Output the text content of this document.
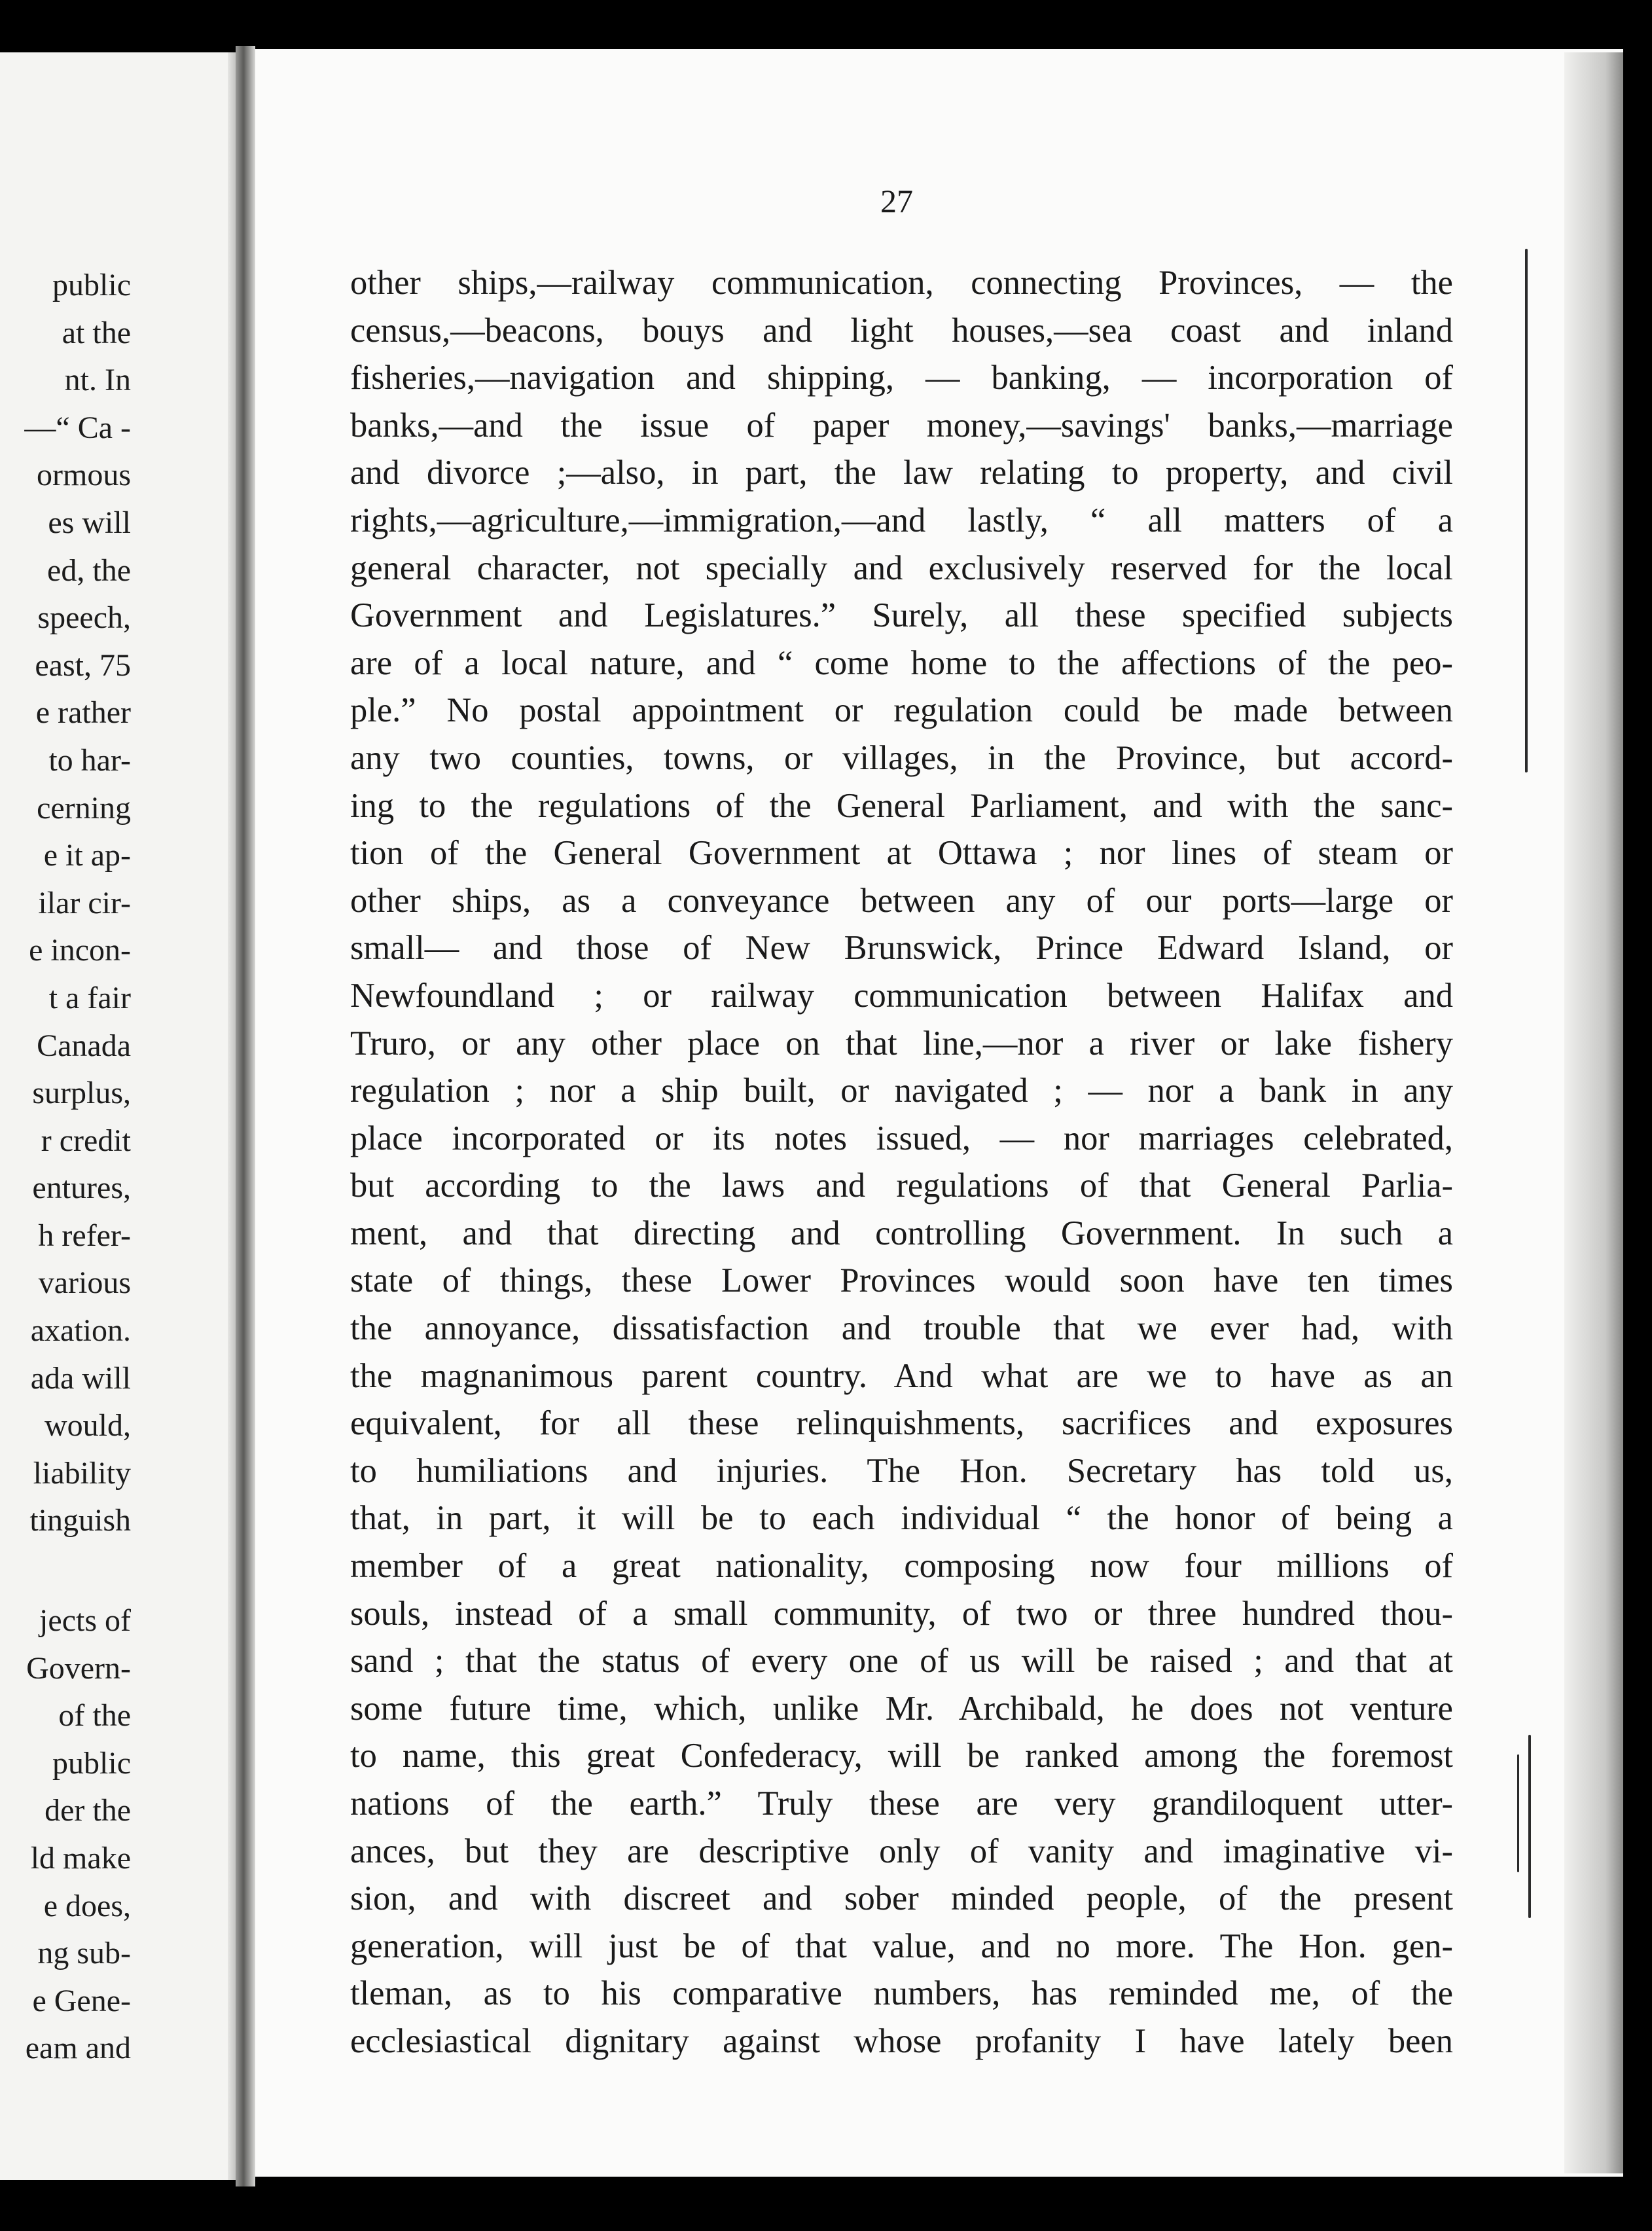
public
at the
nt. In
—“ Ca -
ormous
es will
ed, the
speech,
east, 75
e rather
to har-
cerning
e it ap-
ilar cir-
e incon-
t a fair
Canada
surplus,
r credit
entures,
h refer-
various
axation.
ada will
would,
liability
tinguish
jects of
Govern-
of the
public
der the
ld make
e does,
ng sub-
e Gene-
eam and
27
other ships,—railway communication, connecting Provinces, — the
census,—beacons, bouys and light houses,—sea coast and inland
fisheries,—navigation and shipping, — banking, — incorporation of
banks,—and the issue of paper money,—savings' banks,—marriage
and divorce ;—also, in part, the law relating to property, and civil
rights,—agriculture,—immigration,—and lastly, “ all matters of a
general character, not specially and exclusively reserved for the local
Government and Legislatures.” Surely, all these specified subjects
are of a local nature, and “ come home to the affections of the peo-
ple.” No postal appointment or regulation could be made between
any two counties, towns, or villages, in the Province, but accord-
ing to the regulations of the General Parliament, and with the sanc-
tion of the General Government at Ottawa ; nor lines of steam or
other ships, as a conveyance between any of our ports—large or
small— and those of New Brunswick, Prince Edward Island, or
Newfoundland ; or railway communication between Halifax and
Truro, or any other place on that line,—nor a river or lake fishery
regulation ; nor a ship built, or navigated ; — nor a bank in any
place incorporated or its notes issued, — nor marriages celebrated,
but according to the laws and regulations of that General Parlia-
ment, and that directing and controlling Government. In such a
state of things, these Lower Provinces would soon have ten times
the annoyance, dissatisfaction and trouble that we ever had, with
the magnanimous parent country. And what are we to have as an
equivalent, for all these relinquishments, sacrifices and exposures
to humiliations and injuries. The Hon. Secretary has told us,
that, in part, it will be to each individual “ the honor of being a
member of a great nationality, composing now four millions of
souls, instead of a small community, of two or three hundred thou-
sand ; that the status of every one of us will be raised ; and that at
some future time, which, unlike Mr. Archibald, he does not venture
to name, this great Confederacy, will be ranked among the foremost
nations of the earth.” Truly these are very grandiloquent utter-
ances, but they are descriptive only of vanity and imaginative vi-
sion, and with discreet and sober minded people, of the present
generation, will just be of that value, and no more. The Hon. gen-
tleman, as to his comparative numbers, has reminded me, of the
ecclesiastical dignitary against whose profanity I have lately been
